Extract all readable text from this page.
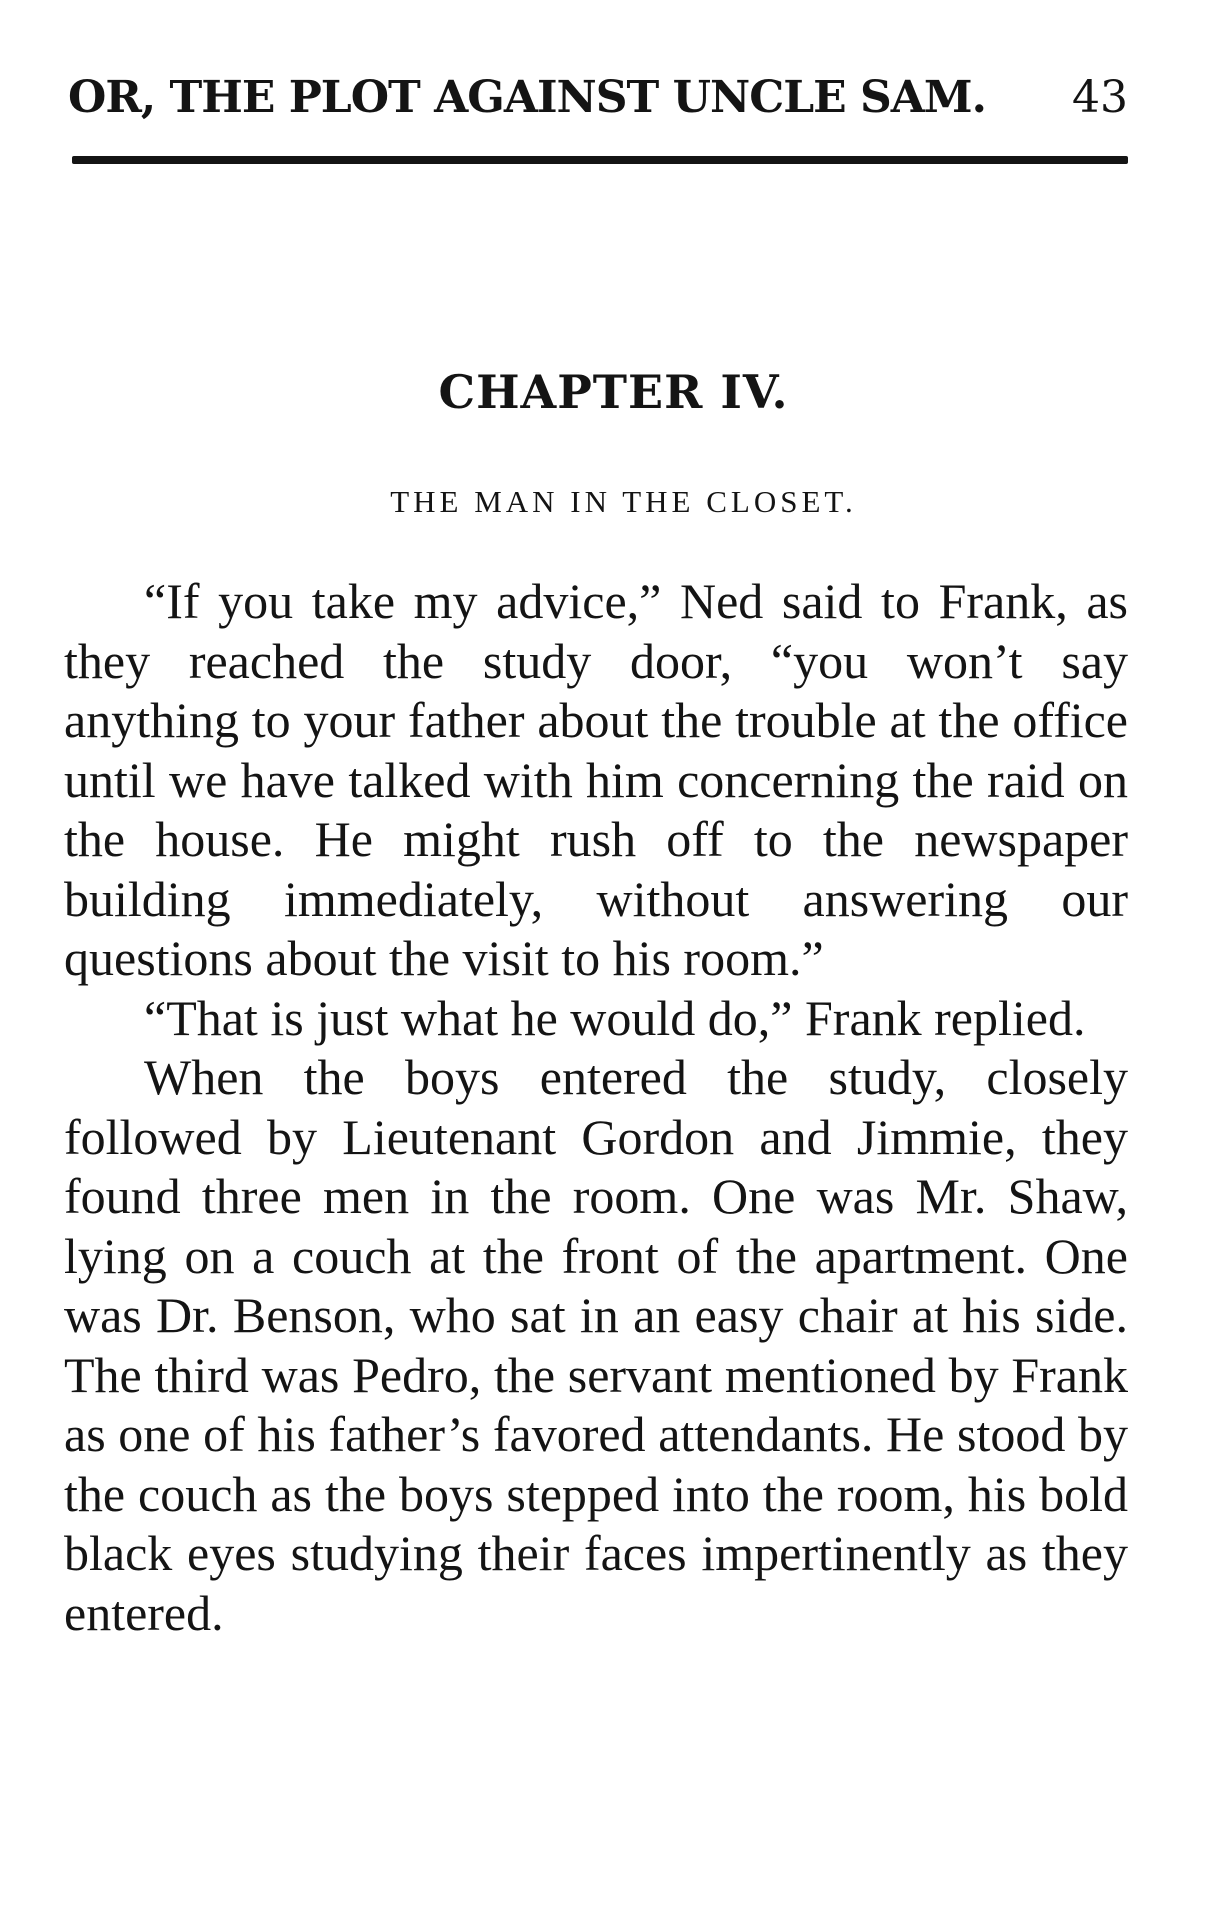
OR, THE PLOT AGAINST UNCLE SAM. 43
CHAPTER IV.
THE MAN IN THE CLOSET.

“If you take my advice,” Ned said to Frank, as they reached the study door, “you won’t say anything to your father about the trouble at the office until we have talked with him concerning the raid on the house. He might rush off to the newspaper building immediately, without answering our questions about the visit to his room.”

“That is just what he would do,” Frank replied.

When the boys entered the study, closely followed by Lieutenant Gordon and Jimmie, they found three men in the room. One was Mr. Shaw, lying on a couch at the front of the apartment. One was Dr. Benson, who sat in an easy chair at his side. The third was Pedro, the servant mentioned by Frank as one of his father’s favored attendants. He stood by the couch as the boys stepped into the room, his bold black eyes studying their faces impertinently as they entered.
